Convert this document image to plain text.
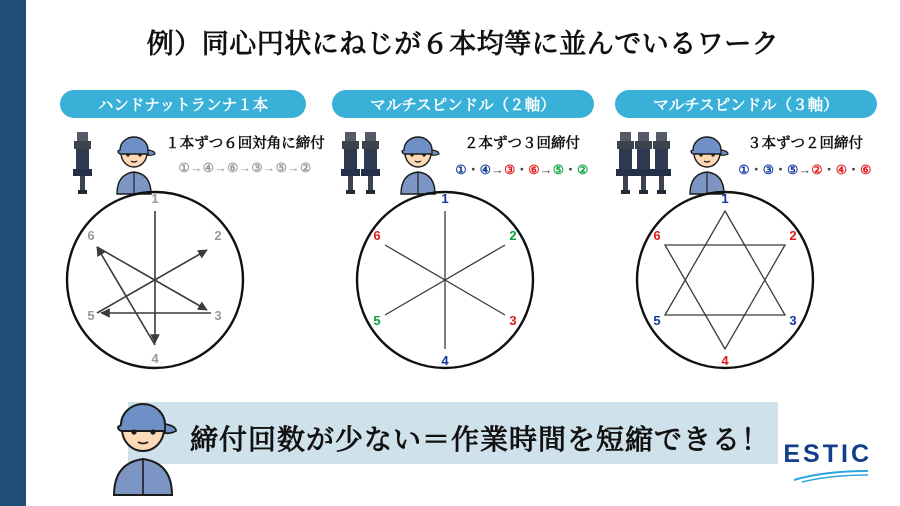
例）同心円状にねじが６本均等に並んでいるワーク
ハンドナットランナ１本
１本ずつ６回対角に締付
①→④→⑥→③→⑤→②
マルチスピンドル（２軸）
２本ずつ３回締付
①・④→③・⑥→⑤・②
マルチスピンドル（３軸）
３本ずつ２回締付
①・③・⑤→②・④・⑥
1
2
3
4
5
6
1
2
3
4
5
6
1
2
3
4
5
6
締付回数が少ない＝作業時間を短縮できる！ ESTIC
